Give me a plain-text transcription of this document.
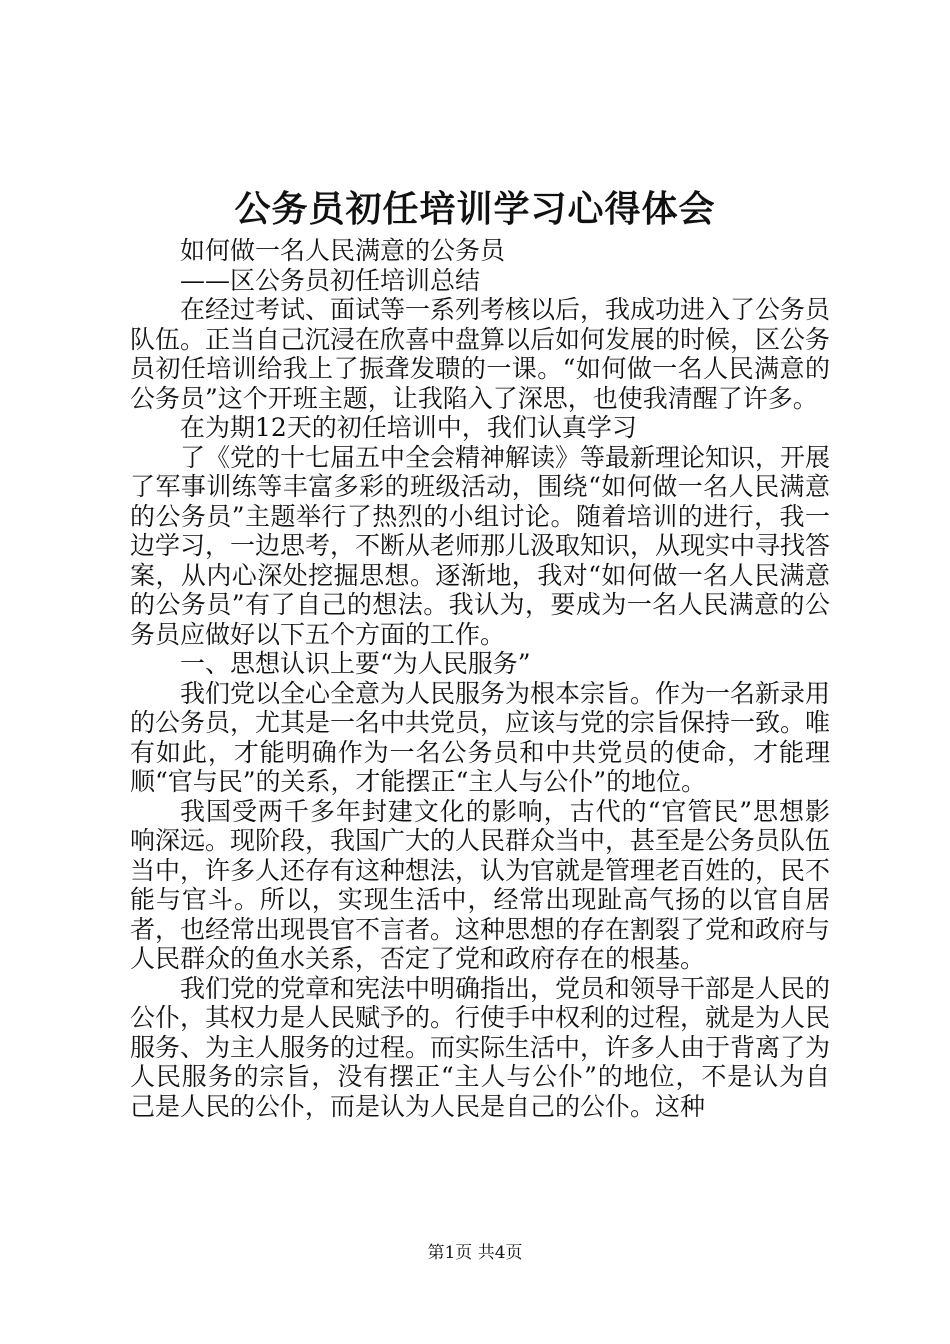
公务员初任培训学习心得体会

如何做一名人民满意的公务员

——区公务员初任培训总结

在经过考试、面试等一系列考核以后，我成功进入了公务员队伍。正当自己沉浸在欣喜中盘算以后如何发展的时候，区公务员初任培训给我上了振聋发聩的一课。“如何做一名人民满意的公务员”这个开班主题，让我陷入了深思，也使我清醒了许多。

在为期12天的初任培训中，我们认真学习

了《党的十七届五中全会精神解读》等最新理论知识，开展了军事训练等丰富多彩的班级活动，围绕“如何做一名人民满意的公务员”主题举行了热烈的小组讨论。随着培训的进行，我一边学习，一边思考，不断从老师那儿汲取知识，从现实中寻找答案，从内心深处挖掘思想。逐渐地，我对“如何做一名人民满意的公务员”有了自己的想法。我认为，要成为一名人民满意的公务员应做好以下五个方面的工作。

一、思想认识上要“为人民服务”

我们党以全心全意为人民服务为根本宗旨。作为一名新录用的公务员，尤其是一名中共党员，应该与党的宗旨保持一致。唯有如此，才能明确作为一名公务员和中共党员的使命，才能理顺“官与民”的关系，才能摆正“主人与公仆”的地位。

我国受两千多年封建文化的影响，古代的“官管民”思想影响深远。现阶段，我国广大的人民群众当中，甚至是公务员队伍当中，许多人还存有这种想法，认为官就是管理老百姓的，民不能与官斗。所以，实现生活中，经常出现趾高气扬的以官自居者，也经常出现畏官不言者。这种思想的存在割裂了党和政府与人民群众的鱼水关系，否定了党和政府存在的根基。

我们党的党章和宪法中明确指出，党员和领导干部是人民的公仆，其权力是人民赋予的。行使手中权利的过程，就是为人民服务、为主人服务的过程。而实际生活中，许多人由于背离了为人民服务的宗旨，没有摆正“主人与公仆”的地位，不是认为自己是人民的公仆，而是认为人民是自己的公仆。这种

第1页 共4页
